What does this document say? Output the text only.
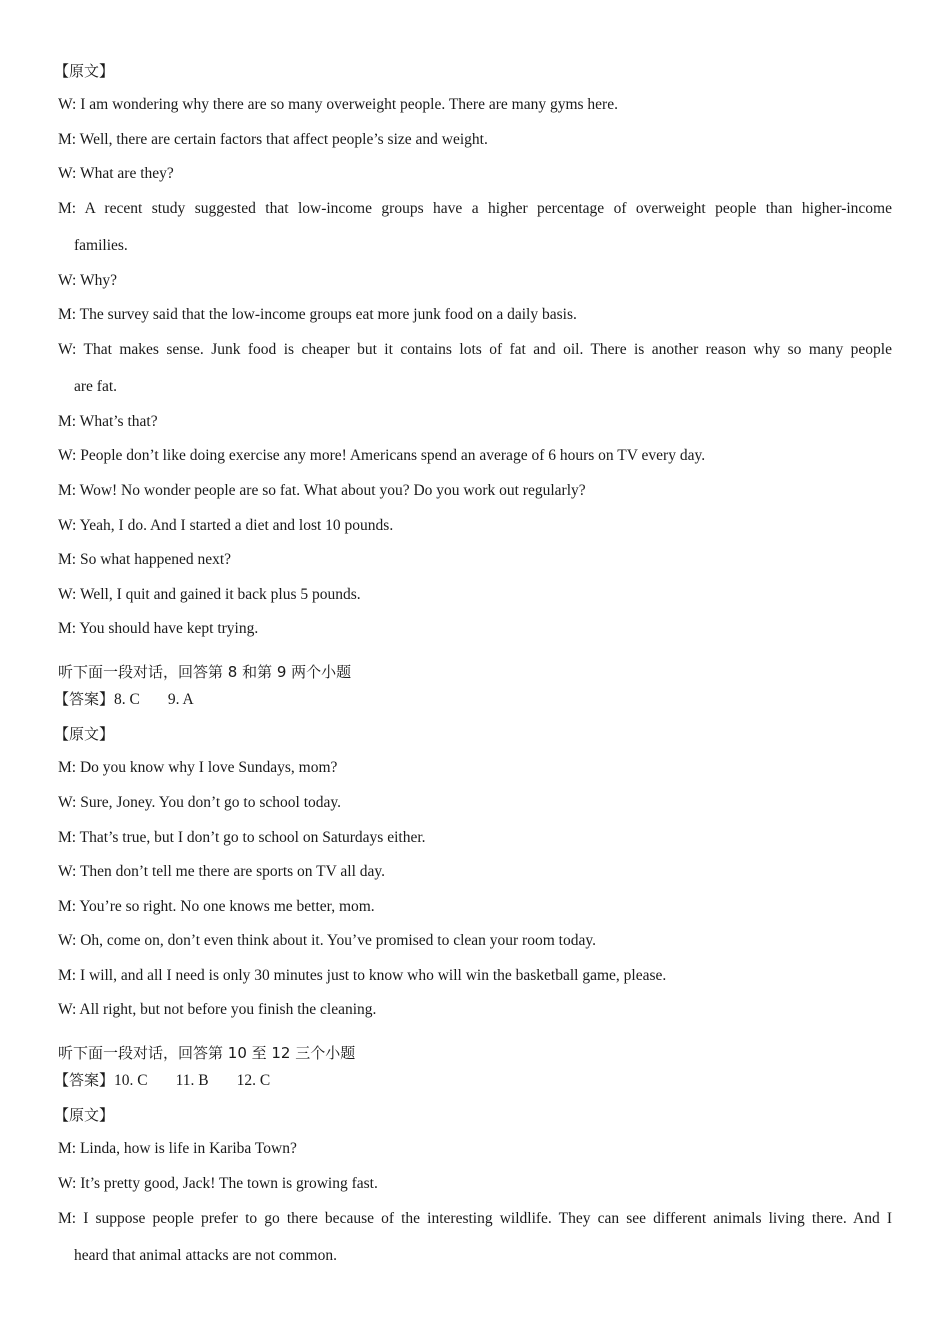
【原文】
W: I am wondering why there are so many overweight people. There are many gyms here.
M: Well, there are certain factors that affect people’s size and weight.
W: What are they?
M: A recent study suggested that low-income groups have a higher percentage of overweight people than higher-income
families.
W: Why?
M: The survey said that the low-income groups eat more junk food on a daily basis.
W: That makes sense. Junk food is cheaper but it contains lots of fat and oil. There is another reason why so many people
are fat.
M: What’s that?
W: People don’t like doing exercise any more! Americans spend an average of 6 hours on TV every day.
M: Wow! No wonder people are so fat. What about you? Do you work out regularly?
W: Yeah, I do. And I started a diet and lost 10 pounds.
M: So what happened next?
W: Well, I quit and gained it back plus 5 pounds.
M: You should have kept trying.
听下面一段对话，回答第 8 和第 9 两个小题
【答案】8. C 9. A
【原文】
M: Do you know why I love Sundays, mom?
W: Sure, Joney. You don’t go to school today.
M: That’s true, but I don’t go to school on Saturdays either.
W: Then don’t tell me there are sports on TV all day.
M: You’re so right. No one knows me better, mom.
W: Oh, come on, don’t even think about it. You’ve promised to clean your room today.
M: I will, and all I need is only 30 minutes just to know who will win the basketball game, please.
W: All right, but not before you finish the cleaning.
听下面一段对话，回答第 10 至 12 三个小题
【答案】10. C 11. B 12. C
【原文】
M: Linda, how is life in Kariba Town?
W: It’s pretty good, Jack! The town is growing fast.
M: I suppose people prefer to go there because of the interesting wildlife. They can see different animals living there. And I
heard that animal attacks are not common.
